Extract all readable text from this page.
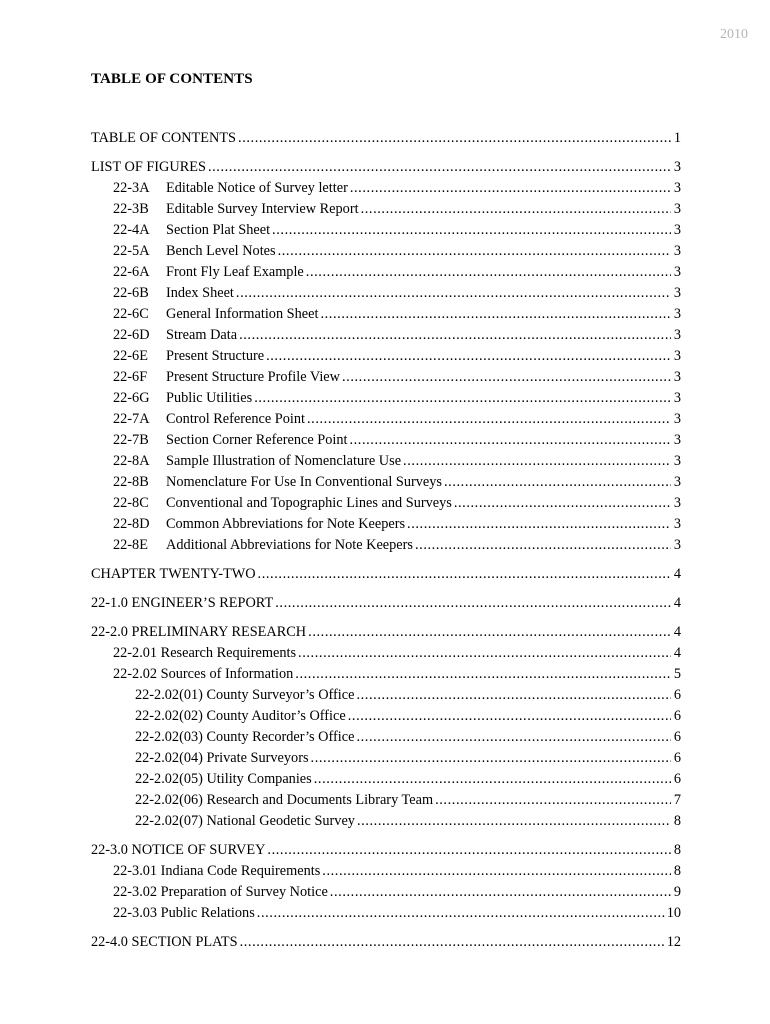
2010
TABLE OF CONTENTS
TABLE OF CONTENTS .....	1
LIST OF FIGURES .....	3
22-3A	Editable Notice of Survey letter .....	3
22-3B	Editable Survey Interview Report .....	3
22-4A	Section Plat Sheet .....	3
22-5A	Bench Level Notes .....	3
22-6A	Front Fly Leaf Example .....	3
22-6B	Index Sheet .....	3
22-6C	General Information Sheet .....	3
22-6D	Stream Data .....	3
22-6E	Present Structure .....	3
22-6F	Present Structure Profile View .....	3
22-6G	Public Utilities .....	3
22-7A	Control Reference Point .....	3
22-7B	Section Corner Reference Point .....	3
22-8A	Sample Illustration of Nomenclature Use .....	3
22-8B	Nomenclature For Use In Conventional Surveys .....	3
22-8C	Conventional and Topographic Lines and Surveys .....	3
22-8D	Common Abbreviations for Note Keepers .....	3
22-8E	Additional Abbreviations for Note Keepers .....	3
CHAPTER TWENTY-TWO .....	4
22-1.0 ENGINEER’S REPORT .....	4
22-2.0 PRELIMINARY RESEARCH .....	4
22-2.01 Research Requirements .....	4
22-2.02 Sources of Information .....	5
22-2.02(01) County Surveyor’s Office .....	6
22-2.02(02) County Auditor’s Office .....	6
22-2.02(03) County Recorder’s Office .....	6
22-2.02(04) Private Surveyors .....	6
22-2.02(05) Utility Companies .....	6
22-2.02(06) Research and Documents Library Team .....	7
22-2.02(07) National Geodetic Survey .....	8
22-3.0 NOTICE OF SURVEY .....	8
22-3.01 Indiana Code Requirements .....	8
22-3.02 Preparation of Survey Notice .....	9
22-3.03 Public Relations .....	10
22-4.0 SECTION PLATS .....	12
